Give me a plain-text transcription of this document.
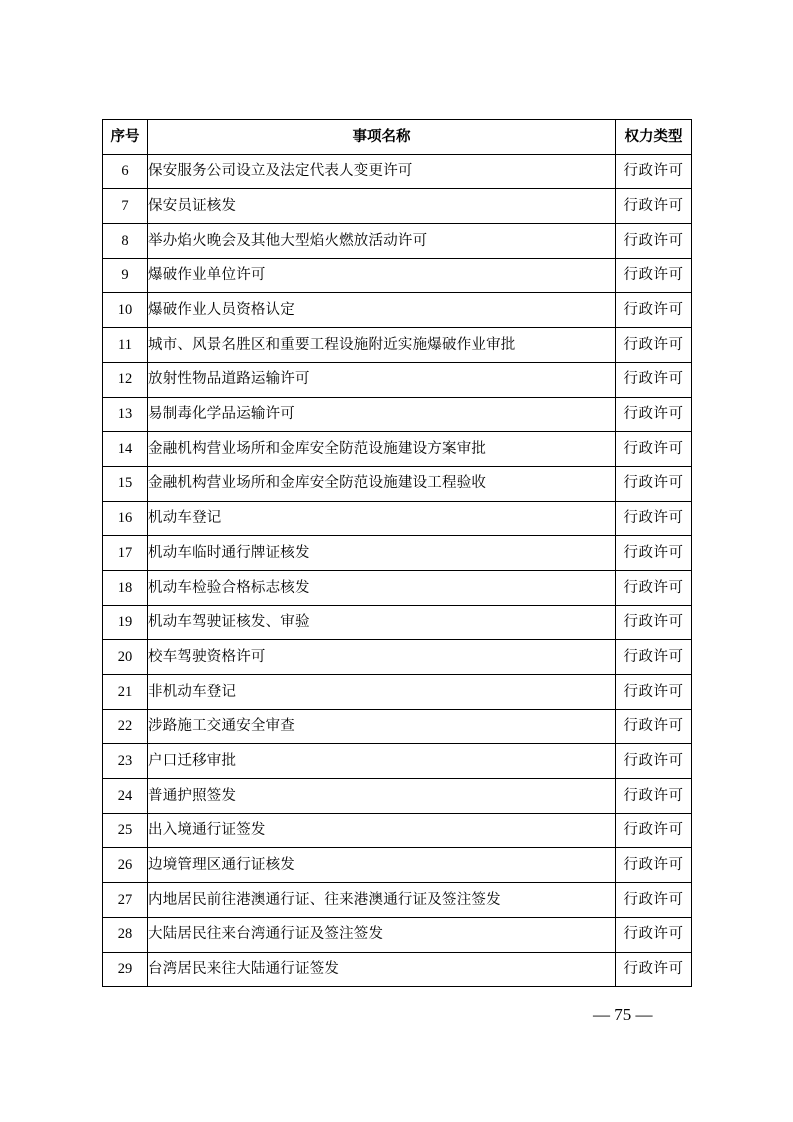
序号	事项名称	权力类型
6	保安服务公司设立及法定代表人变更许可	行政许可
7	保安员证核发	行政许可
8	举办焰火晚会及其他大型焰火燃放活动许可	行政许可
9	爆破作业单位许可	行政许可
10	爆破作业人员资格认定	行政许可
11	城市、风景名胜区和重要工程设施附近实施爆破作业审批	行政许可
12	放射性物品道路运输许可	行政许可
13	易制毒化学品运输许可	行政许可
14	金融机构营业场所和金库安全防范设施建设方案审批	行政许可
15	金融机构营业场所和金库安全防范设施建设工程验收	行政许可
16	机动车登记	行政许可
17	机动车临时通行牌证核发	行政许可
18	机动车检验合格标志核发	行政许可
19	机动车驾驶证核发、审验	行政许可
20	校车驾驶资格许可	行政许可
21	非机动车登记	行政许可
22	涉路施工交通安全审查	行政许可
23	户口迁移审批	行政许可
24	普通护照签发	行政许可
25	出入境通行证签发	行政许可
26	边境管理区通行证核发	行政许可
27	内地居民前往港澳通行证、往来港澳通行证及签注签发	行政许可
28	大陆居民往来台湾通行证及签注签发	行政许可
29	台湾居民来往大陆通行证签发	行政许可
— 75 —
